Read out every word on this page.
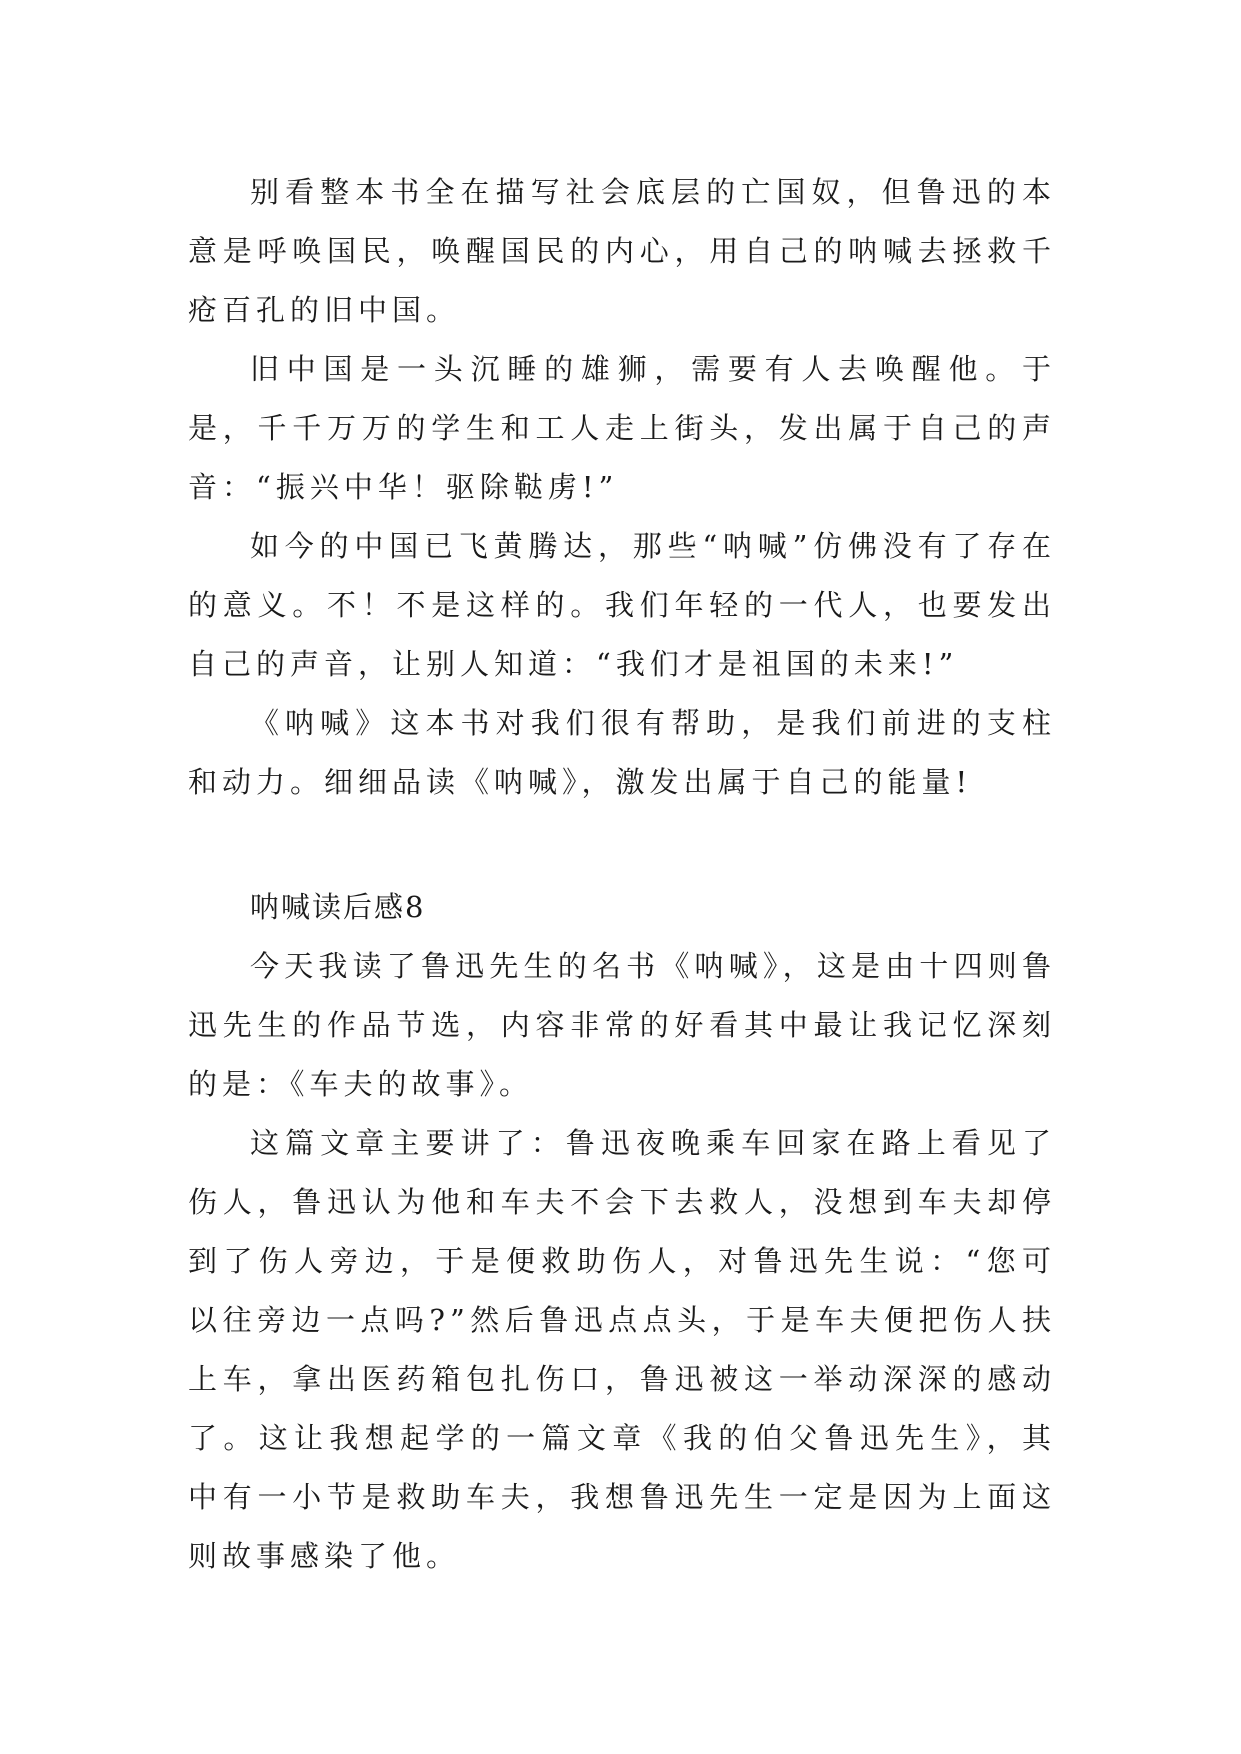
别看整本书全在描写社会底层的亡国奴，但鲁迅的本意是呼唤国民，唤醒国民的内心，用自己的呐喊去拯救千疮百孔的旧中国。

旧中国是一头沉睡的雄狮，需要有人去唤醒他。于是，千千万万的学生和工人走上街头，发出属于自己的声音：“振兴中华！驱除鞑虏!”

如今的中国已飞黄腾达，那些“呐喊”仿佛没有了存在的意义。不！不是这样的。我们年轻的一代人，也要发出自己的声音，让别人知道：“我们才是祖国的未来!”

《呐喊》这本书对我们很有帮助，是我们前进的支柱和动力。细细品读《呐喊》，激发出属于自己的能量!

呐喊读后感8

今天我读了鲁迅先生的名书《呐喊》，这是由十四则鲁迅先生的作品节选，内容非常的好看其中最让我记忆深刻的是：《车夫的故事》。

这篇文章主要讲了：鲁迅夜晚乘车回家在路上看见了伤人，鲁迅认为他和车夫不会下去救人，没想到车夫却停到了伤人旁边，于是便救助伤人，对鲁迅先生说：“您可以往旁边一点吗?”然后鲁迅点点头，于是车夫便把伤人扶上车，拿出医药箱包扎伤口，鲁迅被这一举动深深的感动了。这让我想起学的一篇文章《我的伯父鲁迅先生》，其中有一小节是救助车夫，我想鲁迅先生一定是因为上面这则故事感染了他。
